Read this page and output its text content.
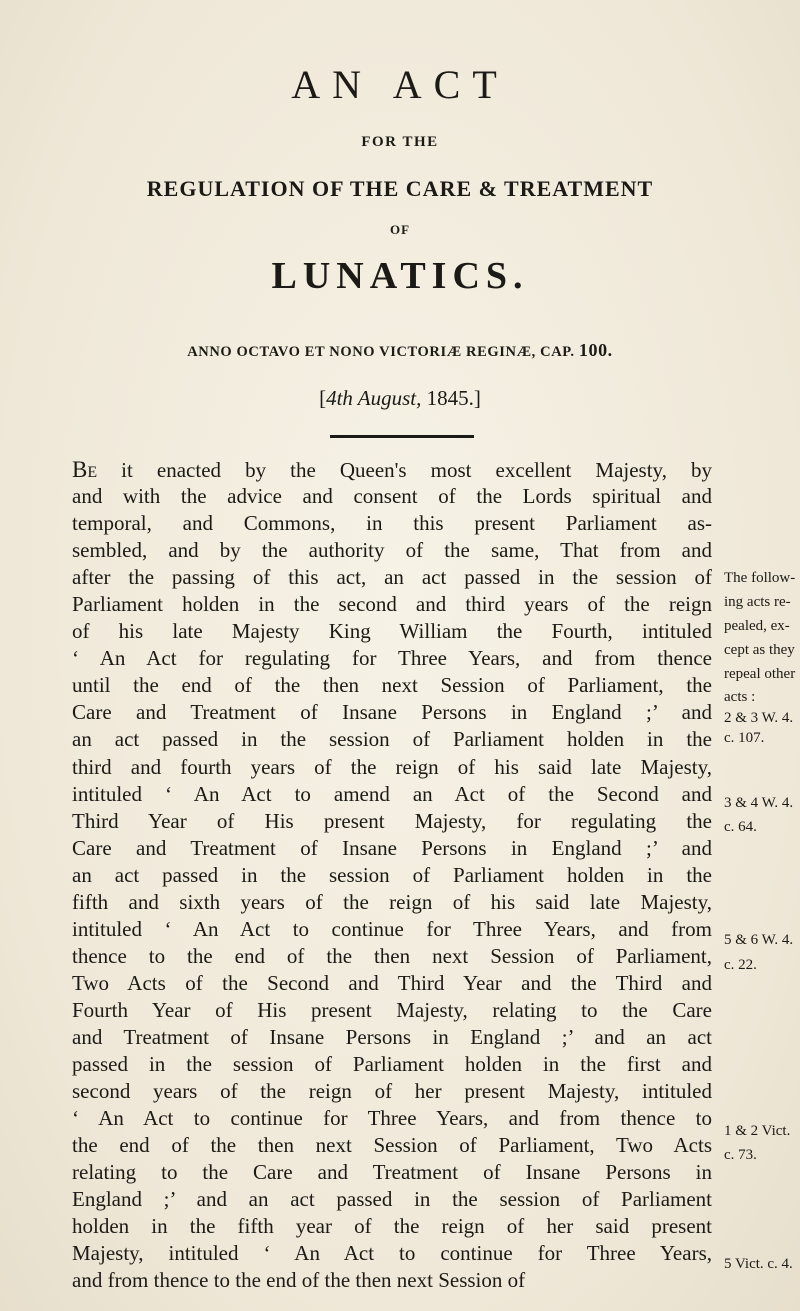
AN ACT
FOR THE
REGULATION OF THE CARE & TREATMENT
OF
LUNATICS.
ANNO OCTAVO ET NONO VICTORIÆ REGINÆ, CAP. 100.
[4th August, 1845.]
Be it enacted by the Queen's most excellent Majesty, by
and with the advice and consent of the Lords spiritual and
temporal, and Commons, in this present Parliament as-
sembled, and by the authority of the same, That from and
after the passing of this act, an act passed in the session of
Parliament holden in the second and third years of the reign
of his late Majesty King William the Fourth, intituled
‘ An Act for regulating for Three Years, and from thence
until the end of the then next Session of Parliament, the
Care and Treatment of Insane Persons in England ;’ and
an act passed in the session of Parliament holden in the
third and fourth years of the reign of his said late Majesty,
intituled ‘ An Act to amend an Act of the Second and
Third Year of His present Majesty, for regulating the
Care and Treatment of Insane Persons in England ;’ and
an act passed in the session of Parliament holden in the
fifth and sixth years of the reign of his said late Majesty,
intituled ‘ An Act to continue for Three Years, and from
thence to the end of the then next Session of Parliament,
Two Acts of the Second and Third Year and the Third and
Fourth Year of His present Majesty, relating to the Care
and Treatment of Insane Persons in England ;’ and an act
passed in the session of Parliament holden in the first and
second years of the reign of her present Majesty, intituled
‘ An Act to continue for Three Years, and from thence to
the end of the then next Session of Parliament, Two Acts
relating to the Care and Treatment of Insane Persons in
England ;’ and an act passed in the session of Parliament
holden in the fifth year of the reign of her said present
Majesty, intituled ‘ An Act to continue for Three Years,
and from thence to the end of the then next Session of
The follow-
ing acts re-
pealed, ex-
cept as they
repeal other
acts :
2 & 3 W. 4.
c. 107.
3 & 4 W. 4.
c. 64.
5 & 6 W. 4.
c. 22.
1 & 2 Vict.
c. 73.
5 Vict. c. 4.
